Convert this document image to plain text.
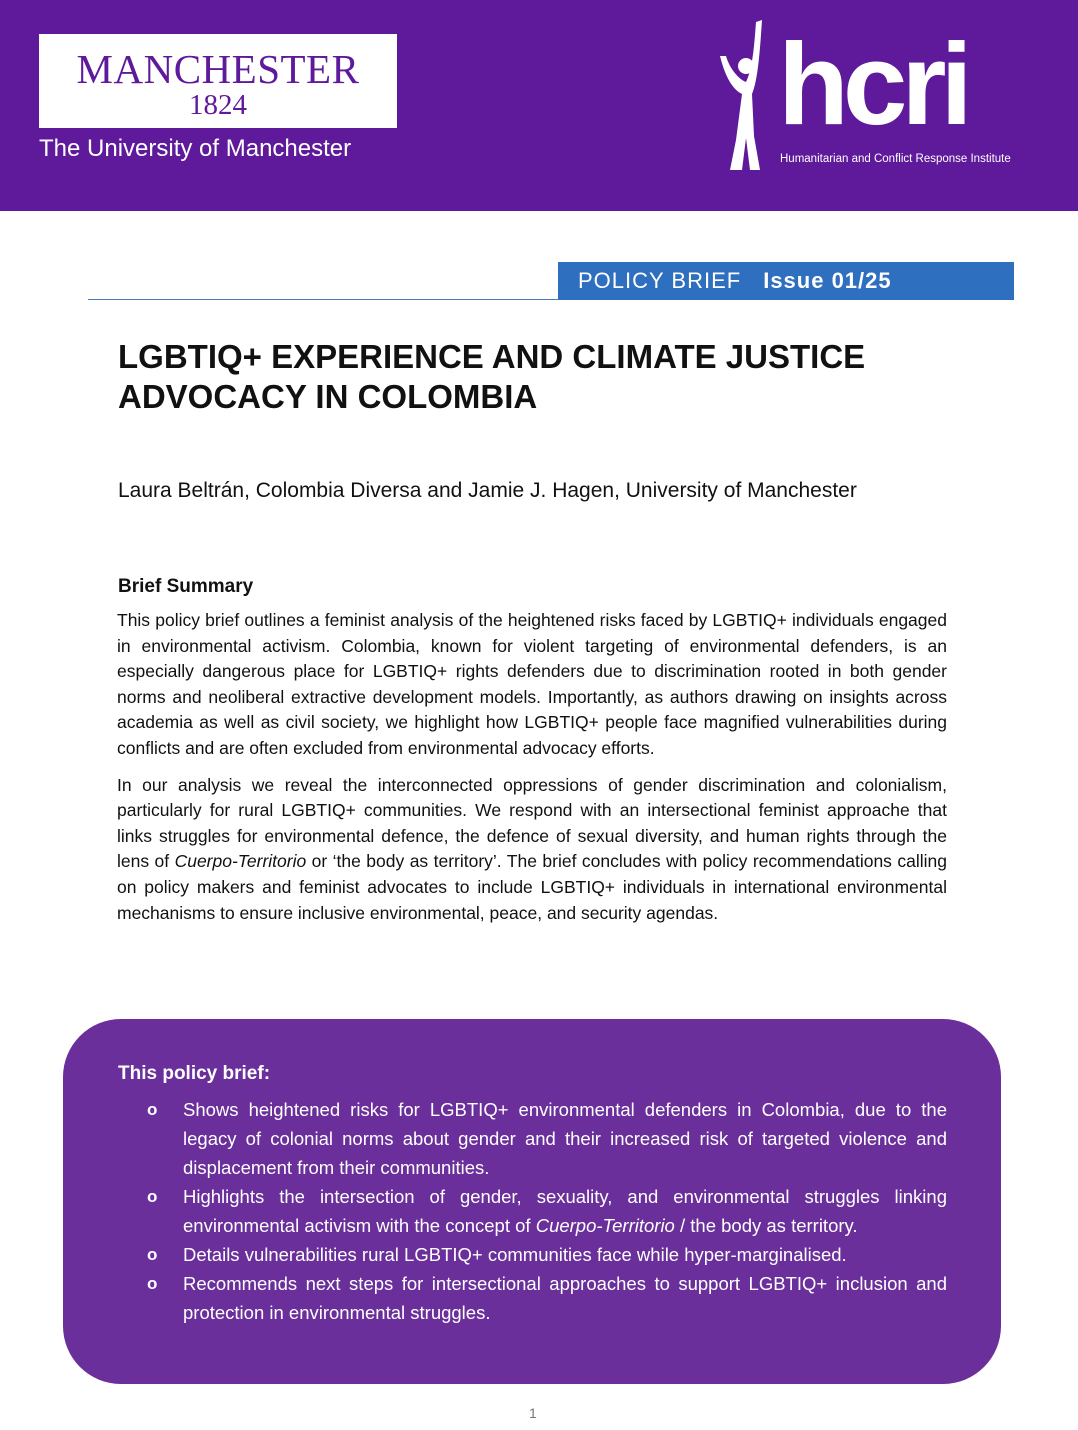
MANCHESTER
1824
The University of Manchester	hcri
Humanitarian and Conflict Response Institute
POLICY BRIEF Issue 01/25
LGBTIQ+ EXPERIENCE AND CLIMATE JUSTICE ADVOCACY IN COLOMBIA
Laura Beltrán, Colombia Diversa and Jamie J. Hagen, University of Manchester
Brief Summary

This policy brief outlines a feminist analysis of the heightened risks faced by LGBTIQ+ individuals engaged in environmental activism. Colombia, known for violent targeting of environmental defenders, is an especially dangerous place for LGBTIQ+ rights defenders due to discrimination rooted in both gender norms and neoliberal extractive development models. Importantly, as authors drawing on insights across academia as well as civil society, we highlight how LGBTIQ+ people face magnified vulnerabilities during conflicts and are often excluded from environmental advocacy efforts.

In our analysis we reveal the interconnected oppressions of gender discrimination and colonialism, particularly for rural LGBTIQ+ communities. We respond with an intersectional feminist approache that links struggles for environmental defence, the defence of sexual diversity, and human rights through the lens of Cuerpo-Territorio or ‘the body as territory’. The brief concludes with policy recommendations calling on policy makers and feminist advocates to include LGBTIQ+ individuals in international environmental mechanisms to ensure inclusive environmental, peace, and security agendas.

This policy brief:
o Shows heightened risks for LGBTIQ+ environmental defenders in Colombia, due to the legacy of colonial norms about gender and their increased risk of targeted violence and displacement from their communities.
o Highlights the intersection of gender, sexuality, and environmental struggles linking environmental activism with the concept of Cuerpo-Territorio / the body as territory.
o Details vulnerabilities rural LGBTIQ+ communities face while hyper-marginalised.
o Recommends next steps for intersectional approaches to support LGBTIQ+ inclusion and protection in environmental struggles.
1
